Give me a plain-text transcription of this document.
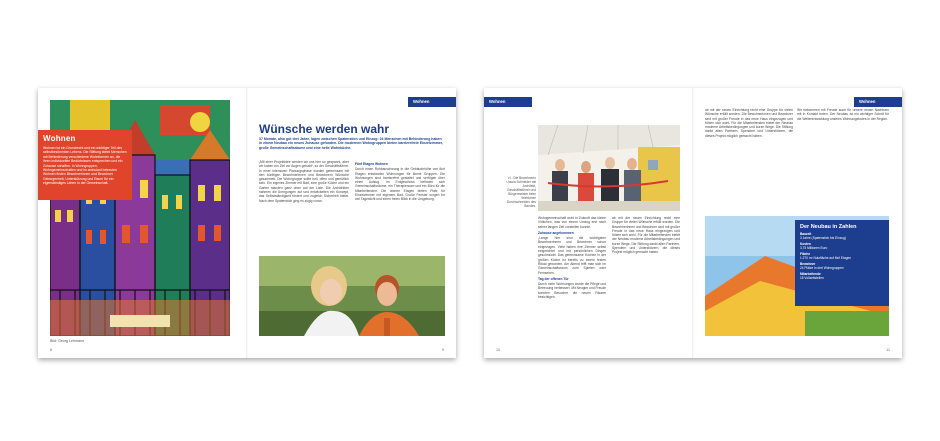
Wohnen

Wohnen ist ein Grundrecht und ein wichtiger Teil des selbstbestimmten Lebens. Die Stiftung bietet Menschen mit Behinderung verschiedene Wohnformen an, die ihren individuellen Bedürfnissen entsprechen und ein Zuhause schaffen. In Wohngruppen, Wohngemeinschaften und im ambulant betreuten Wohnen finden Bewohnerinnen und Bewohner Geborgenheit, Unterstützung und Raum für ein eigenständiges Leben in der Gemeinschaft.

Bild: Georg Lehmann
8
Wohnen
Wünsche werden wahr
37 Monate, also gut drei Jahre, lagen zwischen Spatenstich und Einzug: 24 Menschen mit Behinderung haben in einem Neubau ein neues Zuhause gefunden. Die modernen Wohngruppen bieten barrierefreie Einzelzimmer, große Gemeinschaftsräume und eine helle Wohnküche.
„Mit einer Projektidee werden wir uns hier so gespannt, aber wir haben ein Ziel vor Augen gehabt“, so der Geschäftsführer. In einer intensiven Planungsphase wurden gemeinsam mit den künftigen Bewohnerinnen und Bewohnern Wünsche gesammelt. Die Wohngruppe sollte hell, offen und gemütlich sein. Ein eigenes Zimmer mit Bad, eine große Küche und ein Garten standen ganz oben auf der Liste. Die Architekten nahmen die Anregungen auf und entwickelten ein Konzept, das Selbstständigkeit fördert und zugleich Sicherheit bietet. Nach dem Spatenstich ging es zügig voran.
Fünf Etagen Wohnen
Durch einen Rohbauschwung in die Gebäudehöhe von fünf Etagen entstanden Wohnungen für kleine Gruppen. Die Wohnungen sind barrierefrei gestaltet und verfügen über einen Aufzug. Im Erdgeschoss befinden sich Gemeinschaftsräume, ein Therapieraum und ein Büro für die Mitarbeitenden. Die oberen Etagen bieten Platz für Einzelzimmer mit eigenem Bad. Große Fenster sorgen für viel Tageslicht und einen freien Blick in die Umgebung.
9
Wohnen
v.l.: Die Bewohnerin Ursula Schneider mit Architekt, Geschäftsführer und Bürgermeister beim feierlichen Durchschneiden des Bandes.
Wohngemeinschaft wohl in Zukunft das kleine Völkchen, was von einem Umzug erst nach seiner langen Zeit vorstellen konnte.
Zuhause angekommen
„Lange hier sind die wichtigsten Bewohnerinnen und Bewohner schon eingezogen. Viele haben ihre Zimmer selbst eingerichtet und mit persönlichen Dingen geschmückt. Das gemeinsame Kochen in der großen Küche ist bereits zu einem festen Ritual geworden. Am Abend trifft man sich im Gemeinschaftsraum zum Spielen oder Fernsehen.
Tag der offenen Tür
Durch mehr Wohnungen wurde die Pflege und Betreuung verbessert. Mit Neugier und Freude konnten Besucher die neuen Räume besichtigen.
ab mit der neuen Einrichtung recht eine Gruppe für vielen Wünsche erfüllt worden. Die Bewohnerinnen und Bewohner sind mit großer Freude in das neue Haus eingezogen und fühlen sich wohl. Für die Mitarbeitenden bietet der Neubau moderne Arbeitsbedingungen und kurze Wege. Die Stiftung dankt allen Partnern, Spendern und Unterstützern, die dieses Projekt möglich gemacht haben.
10
Wohnen
ab mit der neuen Einrichtung recht eine Gruppe für vielen Wünsche erfüllt worden. Die Bewohnerinnen und Bewohner sind mit großer Freude in das neue Haus eingezogen und fühlen sich wohl. Für die Mitarbeitenden bietet der Neubau moderne Arbeitsbedingungen und kurze Wege. Die Stiftung dankt allen Partnern, Spendern und Unterstützern, die dieses Projekt möglich gemacht haben.
Wir bekommen mit Freude auch für unsere neuen Nachbarn mit in Kontakt treten. Der Neubau ist ein wichtiger Schritt für die Weiterentwicklung unseres Wohnangebotes in der Region.
Der Neubau in Zahlen
Bauzeit
3 Jahre (Spatenstich bis Einzug)
Kosten
3,75 Millionen Euro
Fläche
1.270 m² Nutzfläche auf fünf Etagen
Bewohner
24 Plätze in drei Wohngruppen
Mitarbeitende
18 Vollzeitstellen
11
